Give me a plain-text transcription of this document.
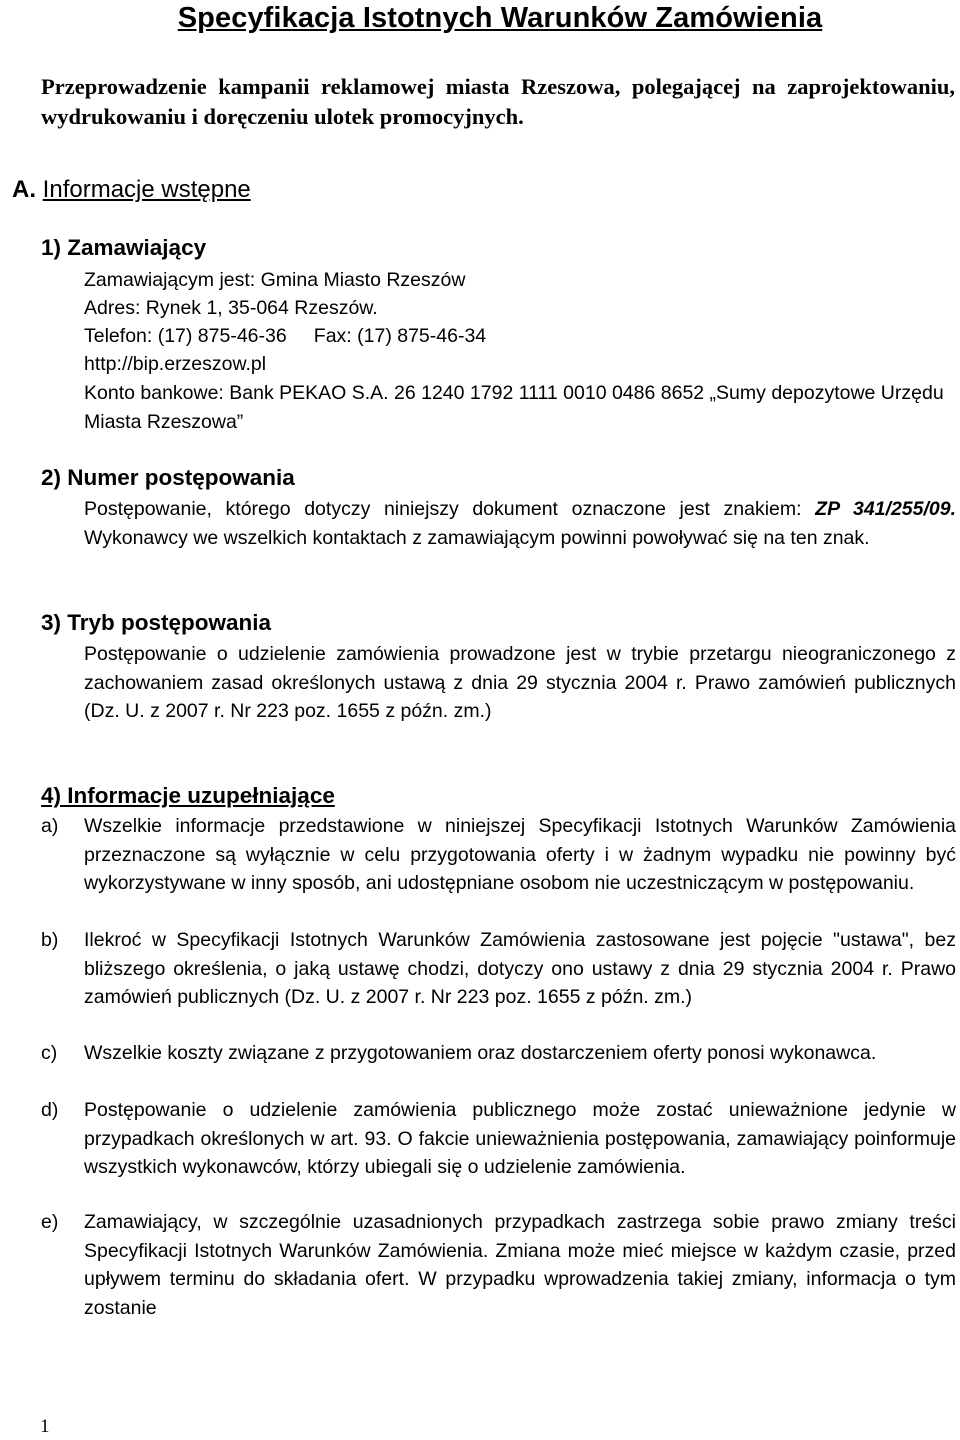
Specyfikacja Istotnych Warunków Zamówienia
Przeprowadzenie kampanii reklamowej miasta Rzeszowa, polegającej na zaprojektowaniu, wydrukowaniu i doręczeniu ulotek promocyjnych.
A. Informacje wstępne
1) Zamawiający
Zamawiającym jest: Gmina Miasto Rzeszów
Adres: Rynek 1, 35-064 Rzeszów.
Telefon: (17) 875-46-36     Fax: (17) 875-46-34
http://bip.erzeszow.pl
Konto bankowe: Bank PEKAO S.A. 26 1240 1792 1111 0010 0486 8652 „Sumy depozytowe Urzędu Miasta Rzeszowa”
2) Numer postępowania
Postępowanie, którego dotyczy niniejszy dokument oznaczone jest znakiem: ZP 341/255/09. Wykonawcy we wszelkich kontaktach z zamawiającym powinni powoływać się na ten znak.
3) Tryb postępowania
Postępowanie o udzielenie zamówienia prowadzone jest w trybie przetargu nieograniczonego z zachowaniem zasad określonych ustawą z dnia 29 stycznia 2004 r. Prawo zamówień publicznych (Dz. U. z 2007 r. Nr 223 poz. 1655 z późn. zm.)
4) Informacje uzupełniające
a) Wszelkie informacje przedstawione w niniejszej Specyfikacji Istotnych Warunków Zamówienia przeznaczone są wyłącznie w celu przygotowania oferty i w żadnym wypadku nie powinny być wykorzystywane w inny sposób, ani udostępniane osobom nie uczestniczącym w postępowaniu.
b) Ilekroć w Specyfikacji Istotnych Warunków Zamówienia zastosowane jest pojęcie "ustawa", bez bliższego określenia, o jaką ustawę chodzi, dotyczy ono ustawy z dnia 29 stycznia 2004 r. Prawo zamówień publicznych (Dz. U. z 2007 r. Nr 223 poz. 1655 z późn. zm.)
c) Wszelkie koszty związane z przygotowaniem oraz dostarczeniem oferty ponosi wykonawca.
d) Postępowanie o udzielenie zamówienia publicznego może zostać unieważnione jedynie w przypadkach określonych w art. 93. O fakcie unieważnienia postępowania, zamawiający poinformuje wszystkich wykonawców, którzy ubiegali się o udzielenie zamówienia.
e) Zamawiający, w szczególnie uzasadnionych przypadkach zastrzega sobie prawo zmiany treści Specyfikacji Istotnych Warunków Zamówienia. Zmiana może mieć miejsce w każdym czasie, przed upływem terminu do składania ofert. W przypadku wprowadzenia takiej zmiany, informacja o tym zostanie
1
